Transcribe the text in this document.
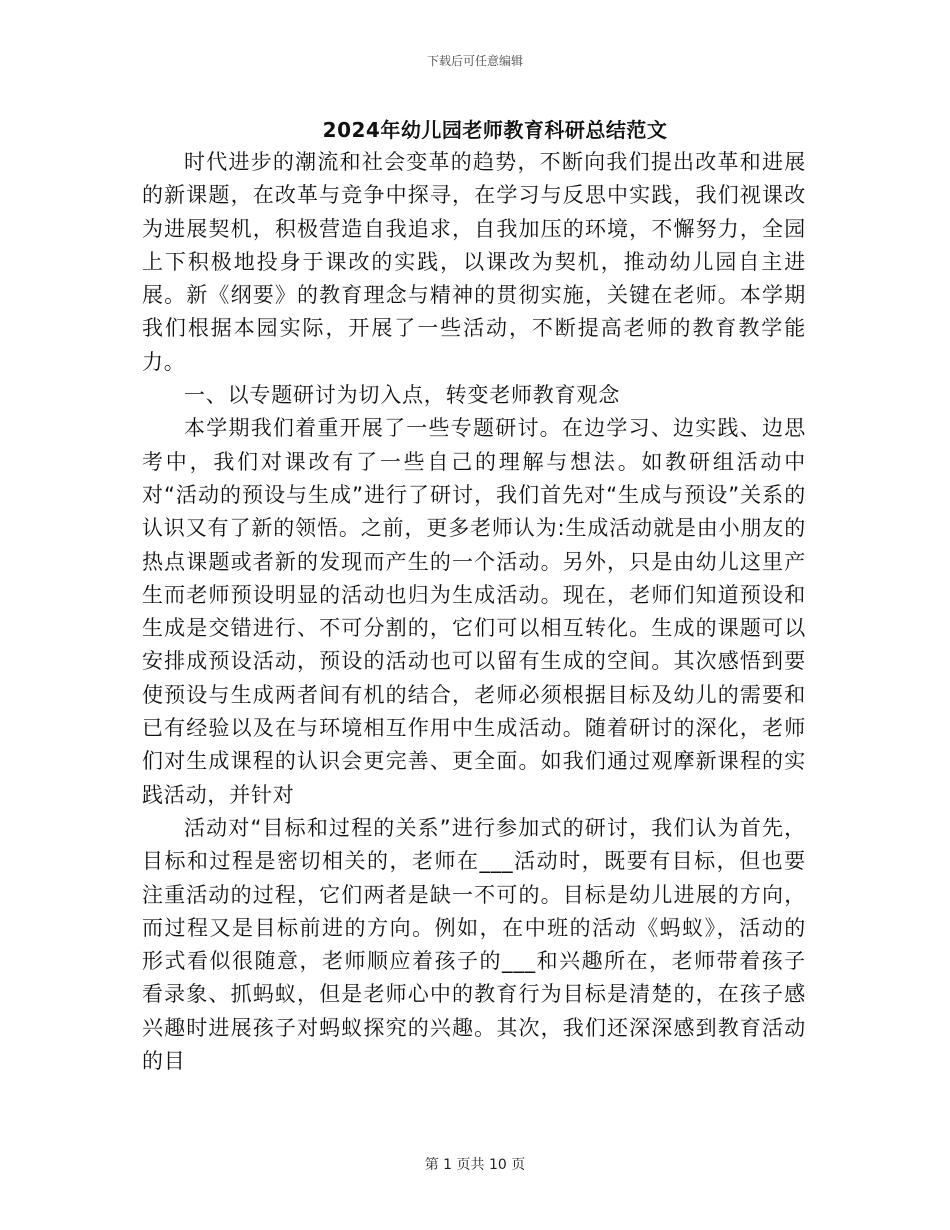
下载后可任意编辑
2024年幼儿园老师教育科研总结范文

时代进步的潮流和社会变革的趋势，不断向我们提出改革和进展的新课题，在改革与竞争中探寻，在学习与反思中实践，我们视课改为进展契机，积极营造自我追求，自我加压的环境，不懈努力，全园上下积极地投身于课改的实践，以课改为契机，推动幼儿园自主进展。新《纲要》的教育理念与精神的贯彻实施，关键在老师。本学期我们根据本园实际，开展了一些活动，不断提高老师的教育教学能力。

一、以专题研讨为切入点，转变老师教育观念

本学期我们着重开展了一些专题研讨。在边学习、边实践、边思考中，我们对课改有了一些自己的理解与想法。如教研组活动中对“活动的预设与生成”进行了研讨，我们首先对“生成与预设”关系的认识又有了新的领悟。之前，更多老师认为:生成活动就是由小朋友的热点课题或者新的发现而产生的一个活动。另外，只是由幼儿这里产生而老师预设明显的活动也归为生成活动。现在，老师们知道预设和生成是交错进行、不可分割的，它们可以相互转化。生成的课题可以安排成预设活动，预设的活动也可以留有生成的空间。其次感悟到要使预设与生成两者间有机的结合，老师必须根据目标及幼儿的需要和已有经验以及在与环境相互作用中生成活动。随着研讨的深化，老师们对生成课程的认识会更完善、更全面。如我们通过观摩新课程的实践活动，并针对

活动对“目标和过程的关系”进行参加式的研讨，我们认为首先，目标和过程是密切相关的，老师在___活动时，既要有目标，但也要注重活动的过程，它们两者是缺一不可的。目标是幼儿进展的方向，而过程又是目标前进的方向。例如，在中班的活动《蚂蚁》，活动的形式看似很随意，老师顺应着孩子的___和兴趣所在，老师带着孩子看录象、抓蚂蚁，但是老师心中的教育行为目标是清楚的，在孩子感兴趣时进展孩子对蚂蚁探究的兴趣。其次，我们还深深感到教育活动的目

第 1 页共 10 页
